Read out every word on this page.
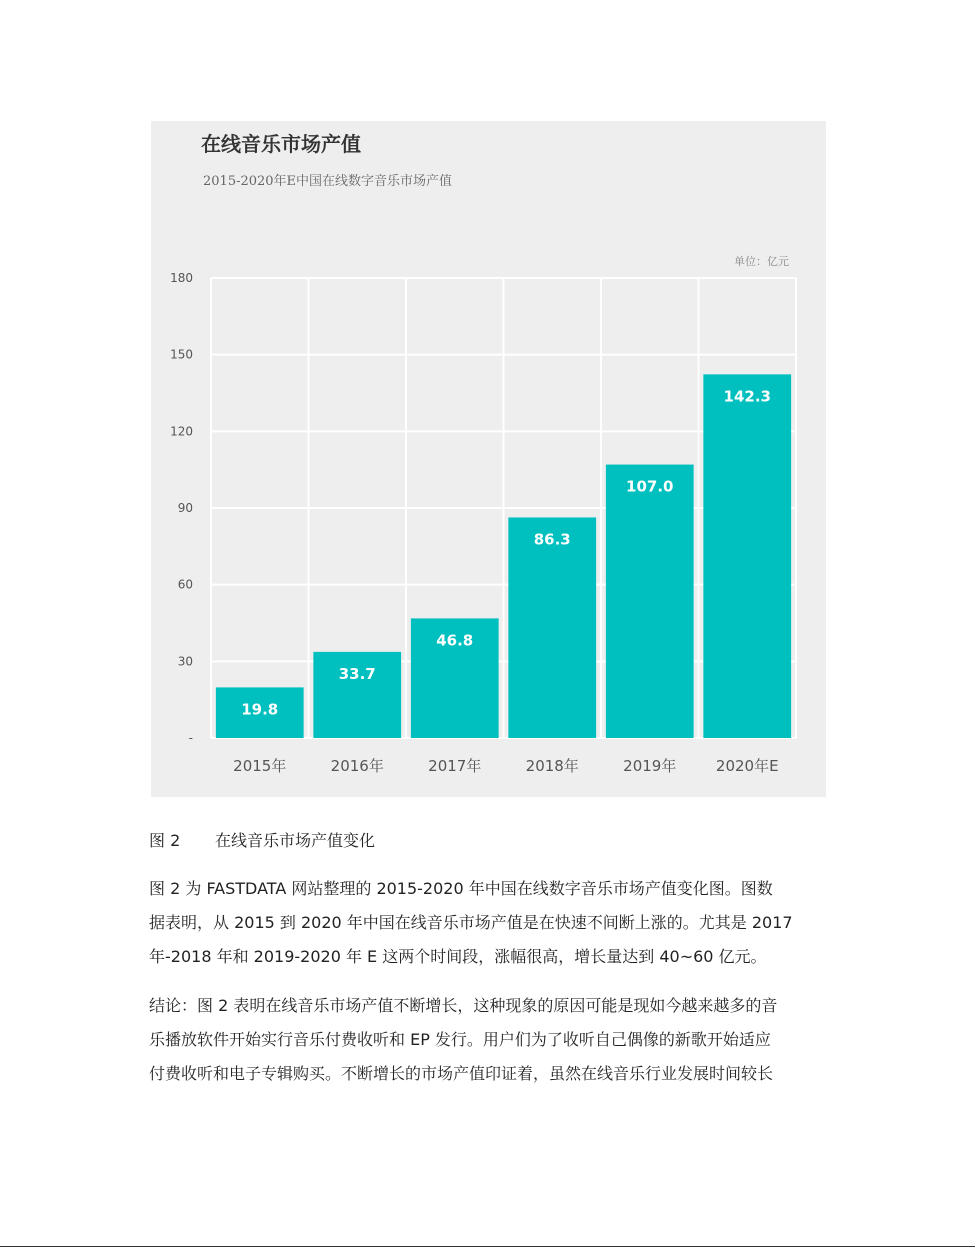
在线音乐市场产值
2015-2020年E中国在线数字音乐市场产值
单位：亿元
-
30
60
90
120
150
180
19.8
33.7
46.8
86.3
107.0
142.3
2015年	2016年	2017年	2018年	2019年	2020年E
图 2 在线音乐市场产值变化

图 2 为 FASTDATA 网站整理的 2015-2020 年中国在线数字音乐市场产值变化图。图数
据表明，从 2015 到 2020 年中国在线音乐市场产值是在快速不间断上涨的。尤其是 2017
年-2018 年和 2019-2020 年 E 这两个时间段，涨幅很高，增长量达到 40~60 亿元。

结论：图 2 表明在线音乐市场产值不断增长，这种现象的原因可能是现如今越来越多的音
乐播放软件开始实行音乐付费收听和 EP 发行。用户们为了收听自己偶像的新歌开始适应
付费收听和电子专辑购买。不断增长的市场产值印证着，虽然在线音乐行业发展时间较长
